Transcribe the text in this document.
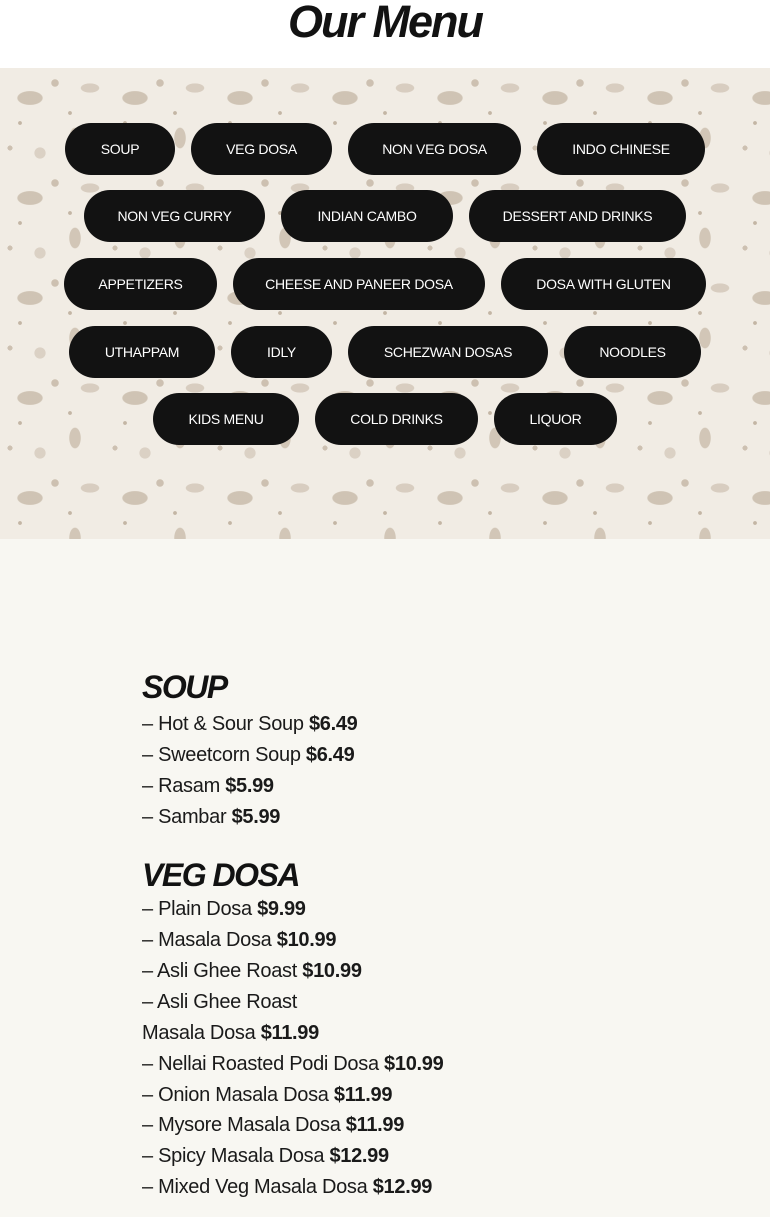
Our Menu
SOUP	VEG DOSA	NON VEG DOSA	INDO CHINESE
NON VEG CURRY	INDIAN CAMBO	DESSERT AND DRINKS
APPETIZERS	CHEESE AND PANEER DOSA	DOSA WITH GLUTEN
UTHAPPAM	IDLY	SCHEZWAN DOSAS	NOODLES
KIDS MENU	COLD DRINKS	LIQUOR
SOUP
– Hot & Sour Soup $6.49
– Sweetcorn Soup $6.49
– Rasam $5.99
– Sambar $5.99
VEG DOSA
– Plain Dosa $9.99
– Masala Dosa $10.99
– Asli Ghee Roast $10.99
– Asli Ghee Roast
Masala Dosa $11.99
– Nellai Roasted Podi Dosa $10.99
– Onion Masala Dosa $11.99
– Mysore Masala Dosa $11.99
– Spicy Masala Dosa $12.99
– Mixed Veg Masala Dosa $12.99
